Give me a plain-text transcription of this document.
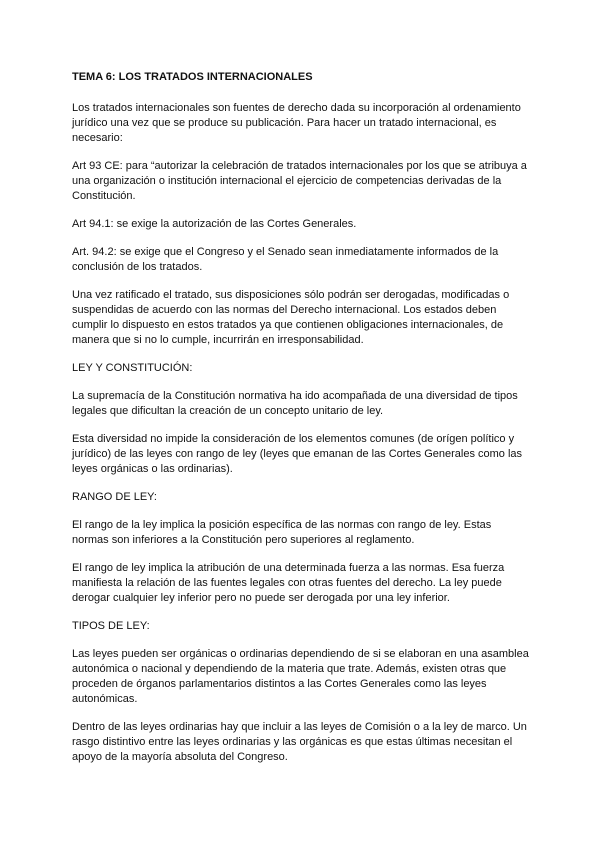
TEMA 6: LOS TRATADOS INTERNACIONALES

Los tratados internacionales son fuentes de derecho dada su incorporación al ordenamiento jurídico una vez que se produce su publicación. Para hacer un tratado internacional, es necesario:

Art 93 CE: para “autorizar la celebración de tratados internacionales por los que se atribuya a una organización o institución internacional el ejercicio de competencias derivadas de la Constitución.

Art 94.1: se exige la autorización de las Cortes Generales.

Art. 94.2: se exige que el Congreso y el Senado sean inmediatamente informados de la conclusión de los tratados.

Una vez ratificado el tratado, sus disposiciones sólo podrán ser derogadas, modificadas o suspendidas de acuerdo con las normas del Derecho internacional. Los estados deben cumplir lo dispuesto en estos tratados ya que contienen obligaciones internacionales, de manera que si no lo cumple, incurrirán en irresponsabilidad.

LEY Y CONSTITUCIÓN:

La supremacía de la Constitución normativa ha ido acompañada de una diversidad de tipos legales que dificultan la creación de un concepto unitario de ley.

Esta diversidad no impide la consideración de los elementos comunes (de orígen político y jurídico) de las leyes con rango de ley (leyes que emanan de las Cortes Generales como las leyes orgánicas o las ordinarias).

RANGO DE LEY:

El rango de la ley implica la posición específica de las normas con rango de ley. Estas normas son inferiores a la Constitución pero superiores al reglamento.

El rango de ley implica la atribución de una determinada fuerza a las normas. Esa fuerza manifiesta la relación de las fuentes legales con otras fuentes del derecho. La ley puede derogar cualquier ley inferior pero no puede ser derogada por una ley inferior.

TIPOS DE LEY:

Las leyes pueden ser orgánicas o ordinarias dependiendo de si se elaboran en una asamblea autonómica o nacional y dependiendo de la materia que trate. Además, existen otras que proceden de órganos parlamentarios distintos a las Cortes Generales como las leyes autonómicas.

Dentro de las leyes ordinarias hay que incluir a las leyes de Comisión o a la ley de marco. Un rasgo distintivo entre las leyes ordinarias y las orgánicas es que estas últimas necesitan el apoyo de la mayoría absoluta del Congreso.
